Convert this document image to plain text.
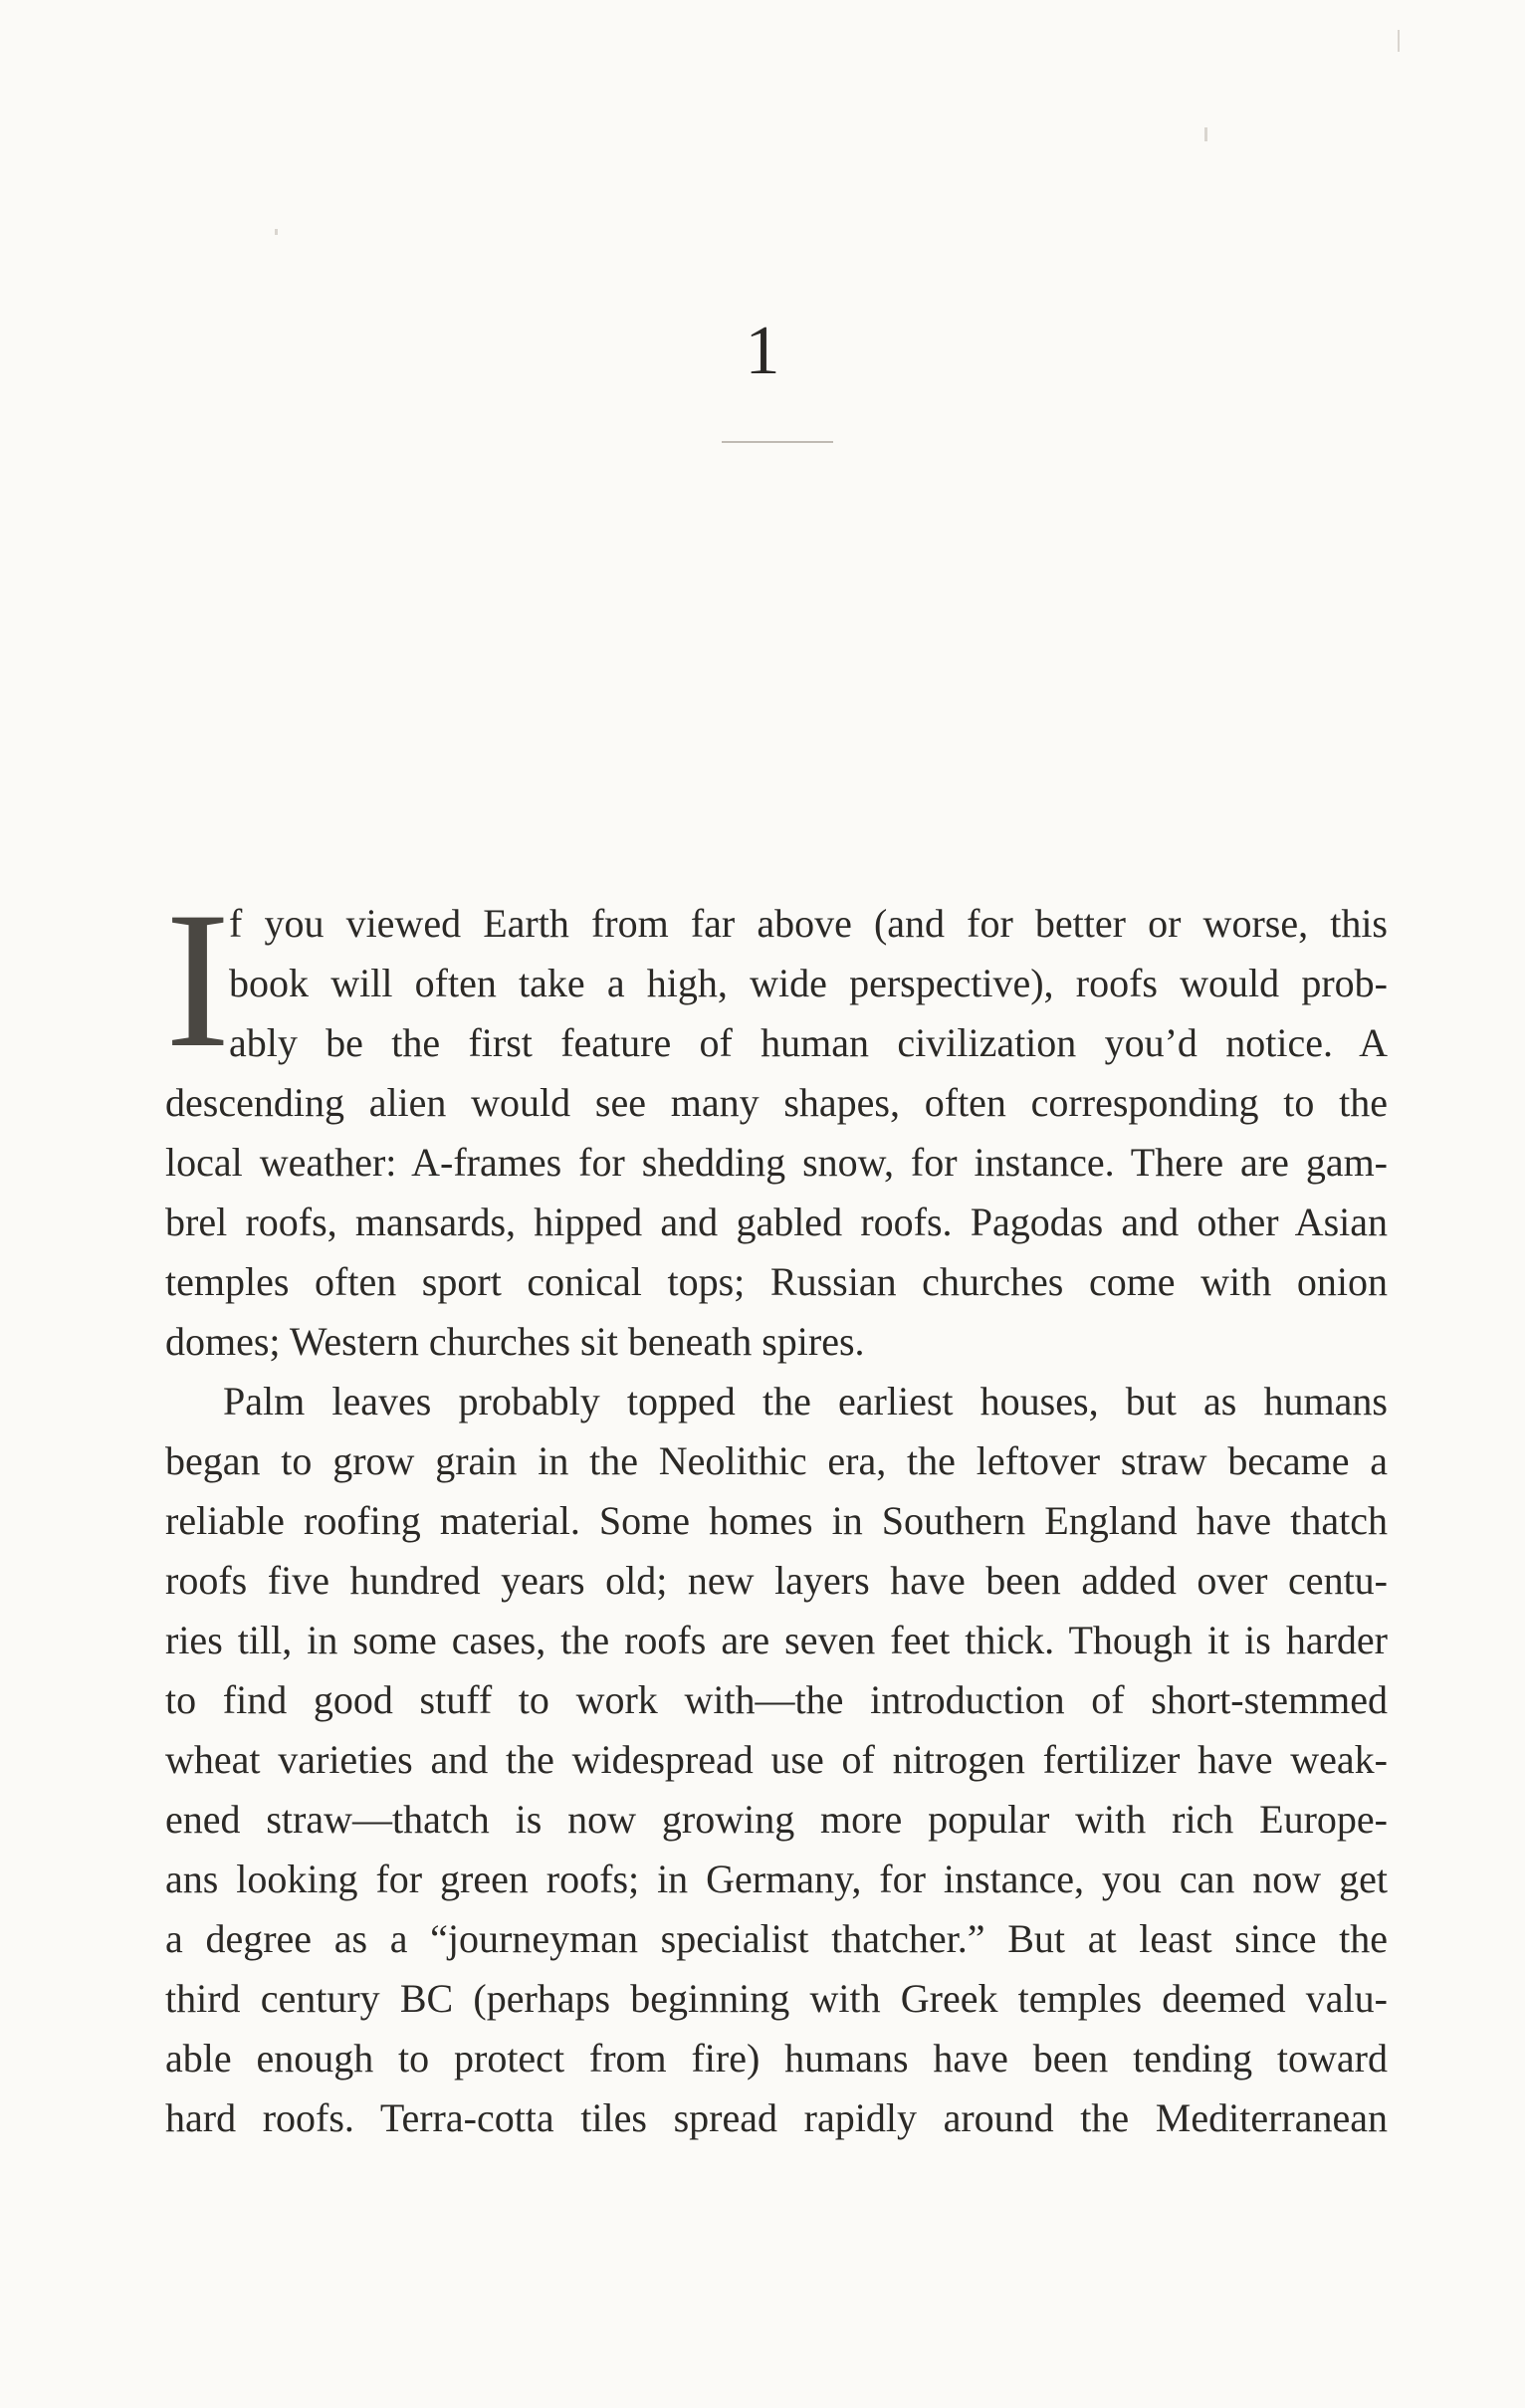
1
I
f you viewed Earth from far above (and for better or worse, this
book will often take a high, wide perspective), roofs would prob-
ably be the first feature of human civilization you’d notice. A
descending alien would see many shapes, often corresponding to the
local weather: A-frames for shedding snow, for instance. There are gam-
brel roofs, mansards, hipped and gabled roofs. Pagodas and other Asian
temples often sport conical tops; Russian churches come with onion
domes; Western churches sit beneath spires.
Palm leaves probably topped the earliest houses, but as humans
began to grow grain in the Neolithic era, the leftover straw became a
reliable roofing material. Some homes in Southern England have thatch
roofs five hundred years old; new layers have been added over centu-
ries till, in some cases, the roofs are seven feet thick. Though it is harder
to find good stuff to work with—the introduction of short-stemmed
wheat varieties and the widespread use of nitrogen fertilizer have weak-
ened straw—thatch is now growing more popular with rich Europe-
ans looking for green roofs; in Germany, for instance, you can now get
a degree as a “journeyman specialist thatcher.” But at least since the
third century BC (perhaps beginning with Greek temples deemed valu-
able enough to protect from fire) humans have been tending toward
hard roofs. Terra-cotta tiles spread rapidly around the Mediterranean
